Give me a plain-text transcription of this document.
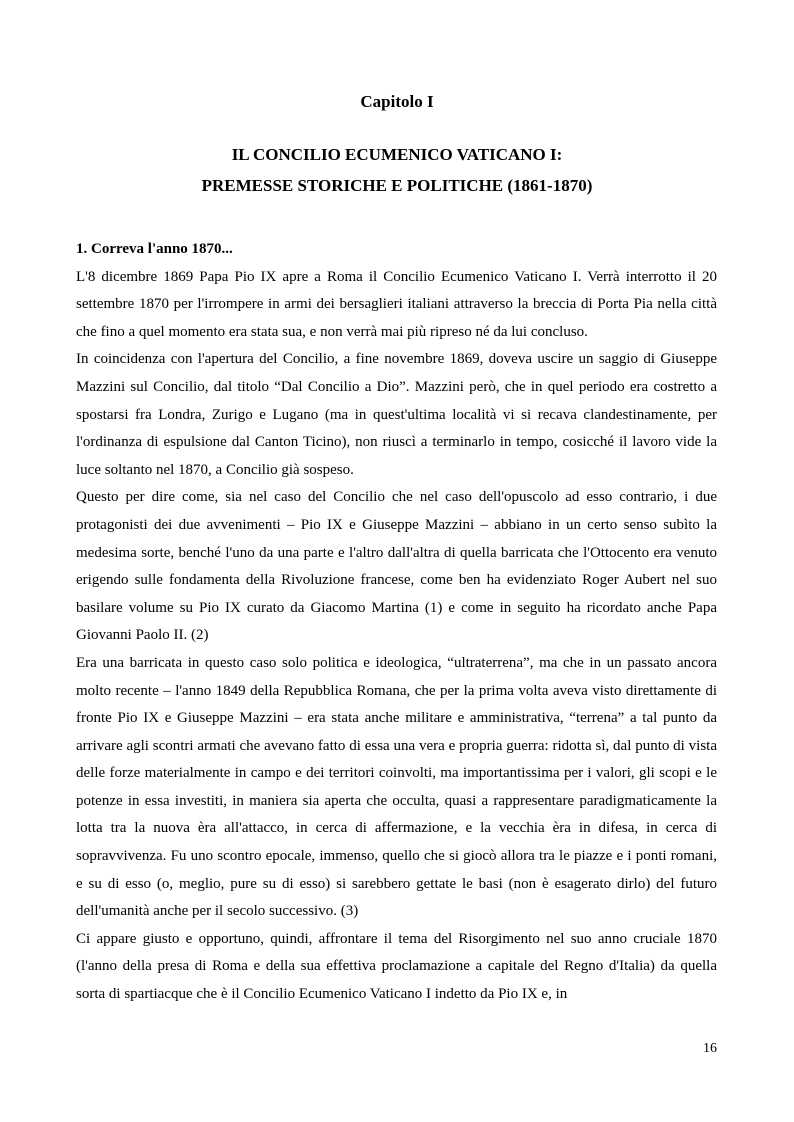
Capitolo I
IL CONCILIO ECUMENICO VATICANO I:
PREMESSE STORICHE E POLITICHE (1861-1870)
1. Correva l'anno 1870...

L'8 dicembre 1869 Papa Pio IX apre a Roma il Concilio Ecumenico Vaticano I. Verrà interrotto il 20 settembre 1870 per l'irrompere in armi dei bersaglieri italiani attraverso la breccia di Porta Pia nella città che fino a quel momento era stata sua, e non verrà mai più ripreso né da lui concluso.

In coincidenza con l'apertura del Concilio, a fine novembre 1869, doveva uscire un saggio di Giuseppe Mazzini sul Concilio, dal titolo “Dal Concilio a Dio”. Mazzini però, che in quel periodo era costretto a spostarsi fra Londra, Zurigo e Lugano (ma in quest'ultima località vi si recava clandestinamente, per l'ordinanza di espulsione dal Canton Ticino), non riuscì a terminarlo in tempo, cosicché il lavoro vide la luce soltanto nel 1870, a Concilio già sospeso.

Questo per dire come, sia nel caso del Concilio che nel caso dell'opuscolo ad esso contrario, i due protagonisti dei due avvenimenti – Pio IX e Giuseppe Mazzini – abbiano in un certo senso subìto la medesima sorte, benché l'uno da una parte e l'altro dall'altra di quella barricata che l'Ottocento era venuto erigendo sulle fondamenta della Rivoluzione francese, come ben ha evidenziato Roger Aubert nel suo basilare volume su Pio IX curato da Giacomo Martina (1) e come in seguito ha ricordato anche Papa Giovanni Paolo II. (2)

Era una barricata in questo caso solo politica e ideologica, “ultraterrena”, ma che in un passato ancora molto recente – l'anno 1849 della Repubblica Romana, che per la prima volta aveva visto direttamente di fronte Pio IX e Giuseppe Mazzini – era stata anche militare e amministrativa, “terrena” a tal punto da arrivare agli scontri armati che avevano fatto di essa una vera e propria guerra: ridotta sì, dal punto di vista delle forze materialmente in campo e dei territori coinvolti, ma importantissima per i valori, gli scopi e le potenze in essa investiti, in maniera sia aperta che occulta, quasi a rappresentare paradigmaticamente la lotta tra la nuova èra all'attacco, in cerca di affermazione, e la vecchia èra in difesa, in cerca di sopravvivenza. Fu uno scontro epocale, immenso, quello che si giocò allora tra le piazze e i ponti romani, e su di esso (o, meglio, pure su di esso) si sarebbero gettate le basi (non è esagerato dirlo) del futuro dell'umanità anche per il secolo successivo. (3)

Ci appare giusto e opportuno, quindi, affrontare il tema del Risorgimento nel suo anno cruciale 1870 (l'anno della presa di Roma e della sua effettiva proclamazione a capitale del Regno d'Italia) da quella sorta di spartiacque che è il Concilio Ecumenico Vaticano I indetto da Pio IX e, in

16
